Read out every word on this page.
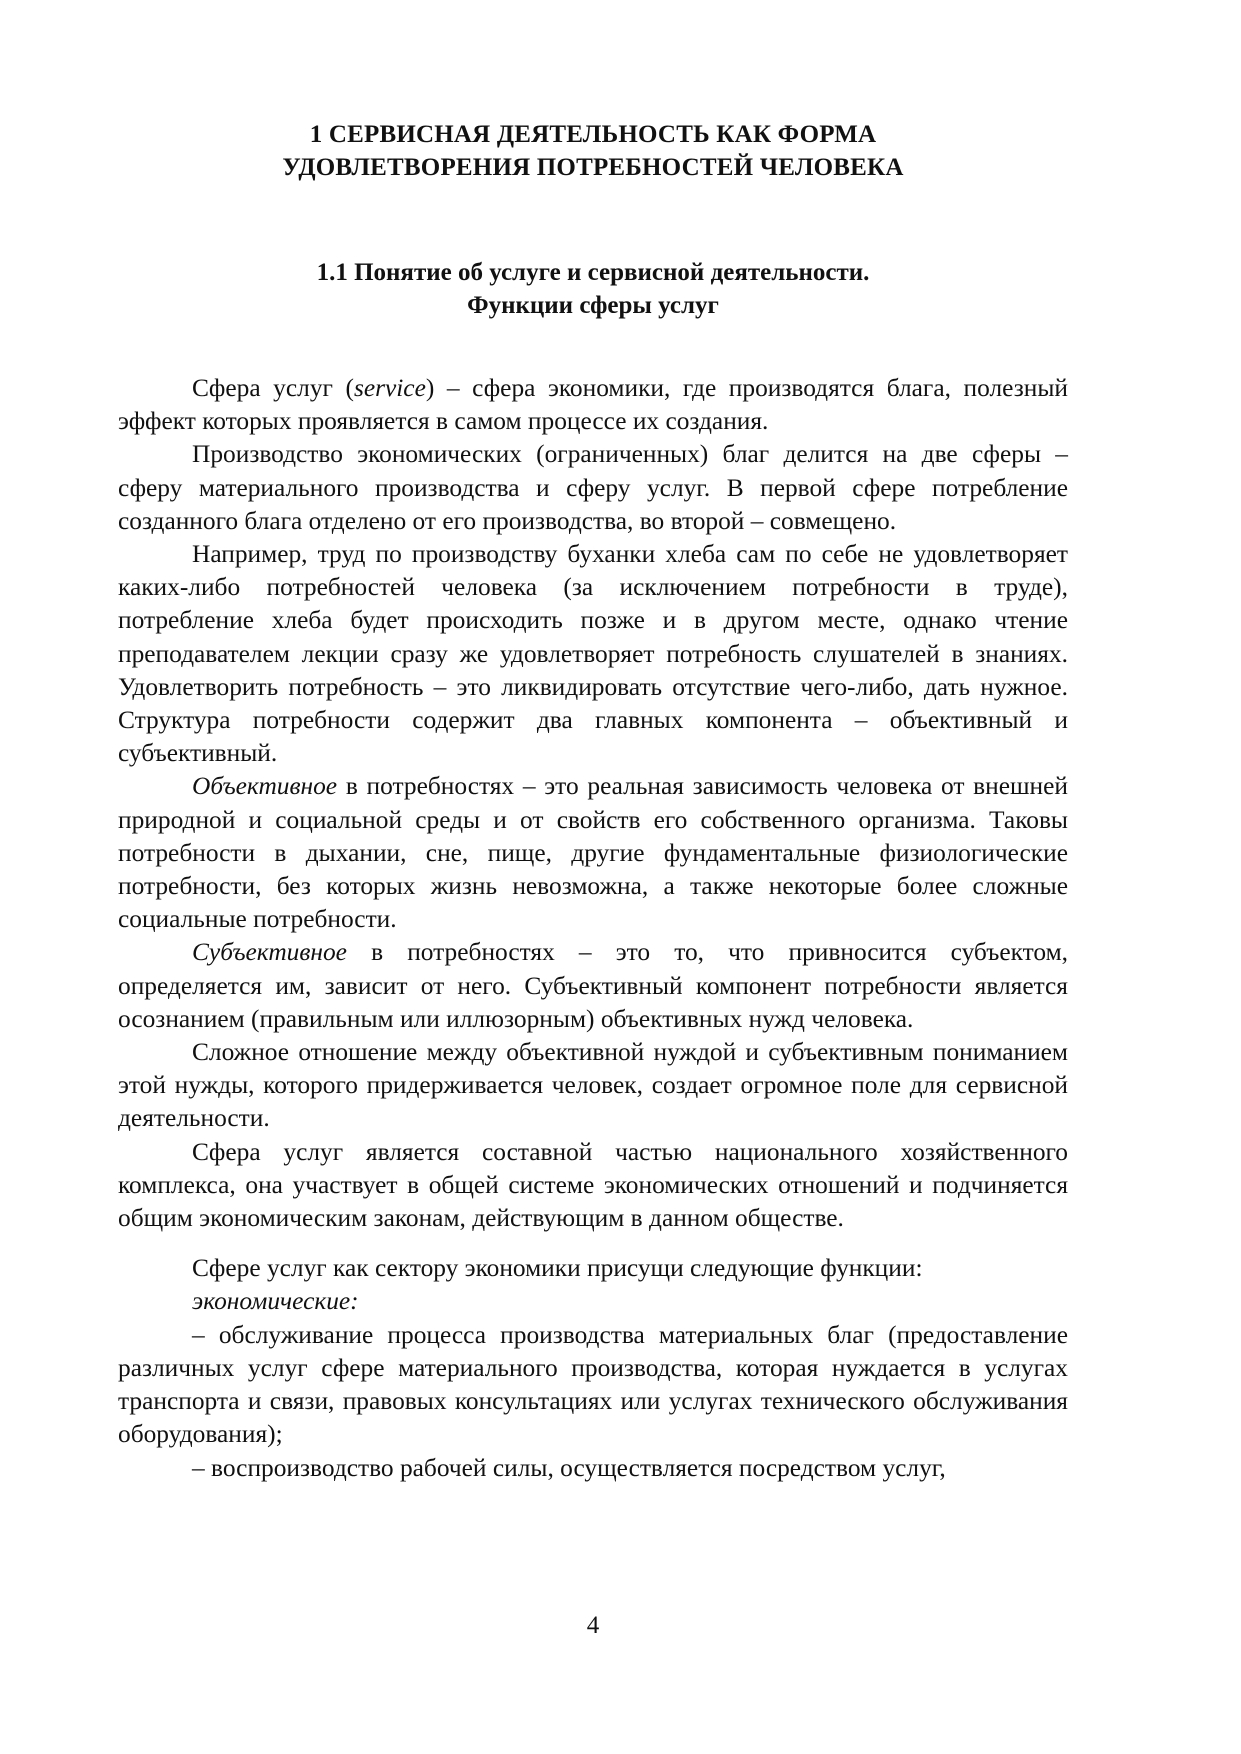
1 СЕРВИСНАЯ ДЕЯТЕЛЬНОСТЬ КАК ФОРМА
УДОВЛЕТВОРЕНИЯ ПОТРЕБНОСТЕЙ ЧЕЛОВЕКА
1.1 Понятие об услуге и сервисной деятельности.
Функции сферы услуг

Сфера услуг (service) – сфера экономики, где производятся блага, полезный эффект которых проявляется в самом процессе их создания.

Производство экономических (ограниченных) благ делится на две сферы – сферу материального производства и сферу услуг. В первой сфере потребление созданного блага отделено от его производства, во второй – совмещено.

Например, труд по производству буханки хлеба сам по себе не удовлетворяет каких-либо потребностей человека (за исключением потребности в труде), потребление хлеба будет происходить позже и в другом месте, однако чтение преподавателем лекции сразу же удовлетворяет потребность слушателей в знаниях. Удовлетворить потребность – это ликвидировать отсутствие чего-либо, дать нужное. Структура потребности содержит два главных компонента – объективный и субъективный.

Объективное в потребностях – это реальная зависимость человека от внешней природной и социальной среды и от свойств его собственного организма. Таковы потребности в дыхании, сне, пище, другие фундаментальные физиологические потребности, без которых жизнь невозможна, а также некоторые более сложные социальные потребности.

Субъективное в потребностях – это то, что привносится субъектом, определяется им, зависит от него. Субъективный компонент потребности является осознанием (правильным или иллюзорным) объективных нужд человека.

Сложное отношение между объективной нуждой и субъективным пониманием этой нужды, которого придерживается человек, создает огромное поле для сервисной деятельности.

Сфера услуг является составной частью национального хозяйственного комплекса, она участвует в общей системе экономических отношений и подчиняется общим экономическим законам, действующим в данном обществе.

Сфере услуг как сектору экономики присущи следующие функции:

экономические:

– обслуживание процесса производства материальных благ (предоставление различных услуг сфере материального производства, которая нуждается в услугах транспорта и связи, правовых консультациях или услугах технического обслуживания оборудования);

– воспроизводство рабочей силы, осуществляется посредством услуг,

4
